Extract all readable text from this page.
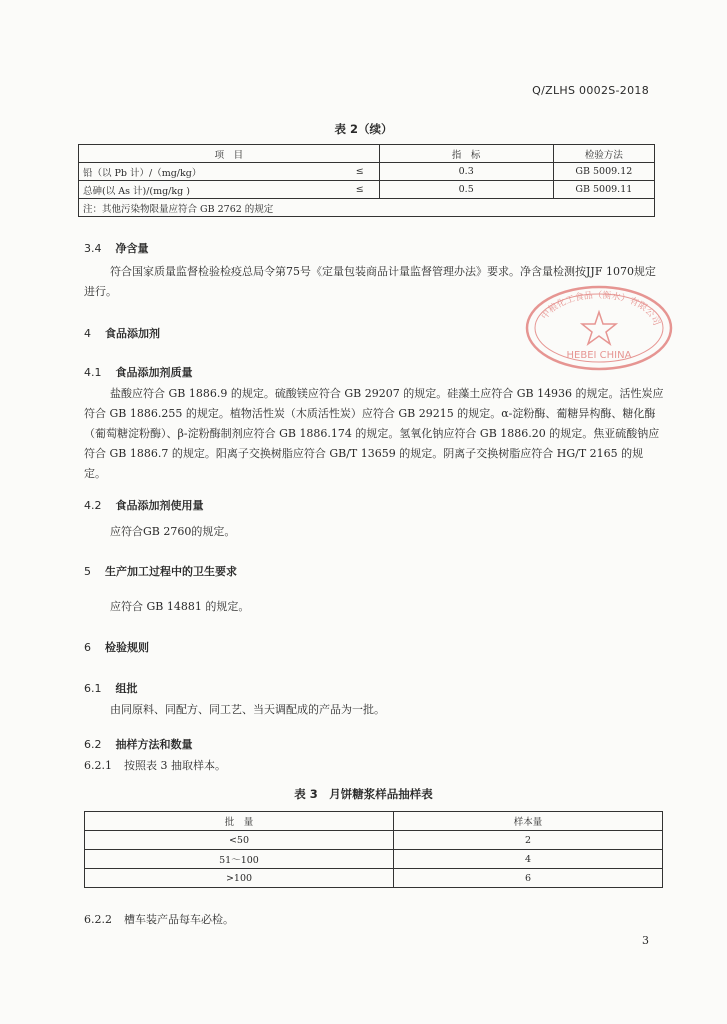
Q/ZLHS 0002S-2018
表 2（续）
项　目		指　标	检验方法
铅（以 Pb 计）/（mg/kg）	≤	0.3	GB 5009.12
总砷(以 As 计)/(mg/kg )	≤	0.5	GB 5009.11
注：其他污染物限量应符合 GB 2762 的规定			
3.4 净含量
符合国家质量监督检验检疫总局令第75号《定量包装商品计量监督管理办法》要求。净含量检测按JJF 1070规定进行。
中粮化工食品（衡水）有限公司
HEBEI CHINA
4 食品添加剂
4.1 食品添加剂质量
盐酸应符合 GB 1886.9 的规定。硫酸镁应符合 GB 29207 的规定。硅藻土应符合 GB 14936 的规定。活性炭应符合 GB 1886.255 的规定。植物活性炭（木质活性炭）应符合 GB 29215 的规定。α-淀粉酶、葡糖异构酶、糖化酶（葡萄糖淀粉酶）、β-淀粉酶制剂应符合 GB 1886.174 的规定。氢氧化钠应符合 GB 1886.20 的规定。焦亚硫酸钠应符合 GB 1886.7 的规定。阳离子交换树脂应符合 GB/T 13659 的规定。阴离子交换树脂应符合 HG/T 2165 的规定。
4.2 食品添加剂使用量
应符合GB 2760的规定。
5 生产加工过程中的卫生要求
应符合 GB 14881 的规定。
6 检验规则
6.1 组批
由同原料、同配方、同工艺、当天调配成的产品为一批。
6.2 抽样方法和数量
6.2.1 按照表 3 抽取样本。
表 3　月饼糖浆样品抽样表
批　量	样本量
<50	2
51～100	4
>100	6
6.2.2 槽车装产品每车必检。
3
